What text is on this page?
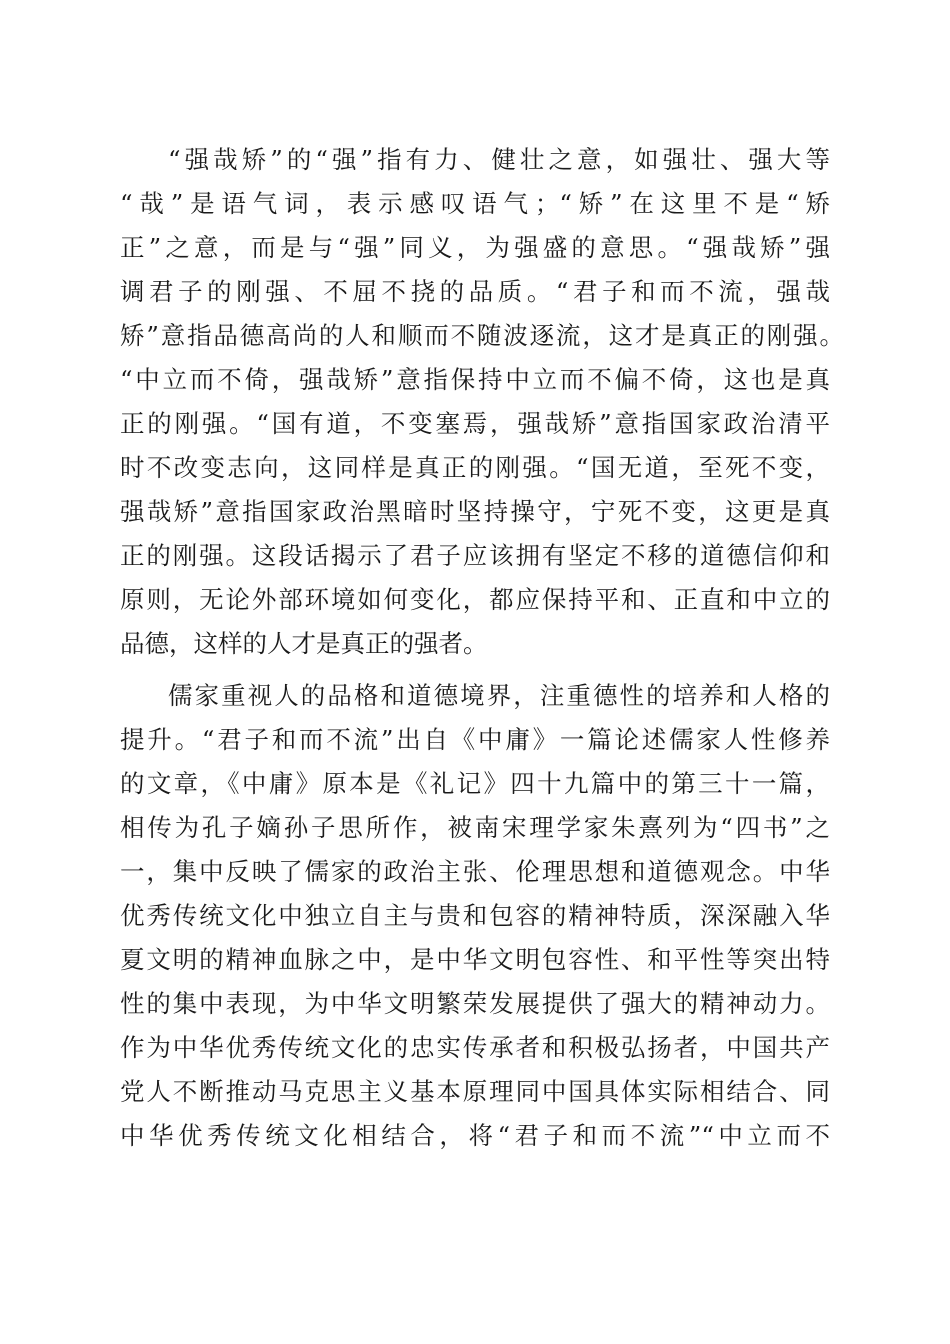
“强哉矫”的“强”指有力、健壮之意，如强壮、强大等
“哉”是语气词，表示感叹语气；“矫”在这里不是“矫
正”之意，而是与“强”同义，为强盛的意思。“强哉矫”强
调君子的刚强、不屈不挠的品质。“君子和而不流，强哉
矫”意指品德高尚的人和顺而不随波逐流，这才是真正的刚强。
“中立而不倚，强哉矫”意指保持中立而不偏不倚，这也是真
正的刚强。“国有道，不变塞焉，强哉矫”意指国家政治清平
时不改变志向，这同样是真正的刚强。“国无道，至死不变，
强哉矫”意指国家政治黑暗时坚持操守，宁死不变，这更是真
正的刚强。这段话揭示了君子应该拥有坚定不移的道德信仰和
原则，无论外部环境如何变化，都应保持平和、正直和中立的
品德，这样的人才是真正的强者。
儒家重视人的品格和道德境界，注重德性的培养和人格的
提升。“君子和而不流”出自《中庸》一篇论述儒家人性修养
的文章，《中庸》原本是《礼记》四十九篇中的第三十一篇，
相传为孔子嫡孙子思所作，被南宋理学家朱熹列为“四书”之
一，集中反映了儒家的政治主张、伦理思想和道德观念。中华
优秀传统文化中独立自主与贵和包容的精神特质，深深融入华
夏文明的精神血脉之中，是中华文明包容性、和平性等突出特
性的集中表现，为中华文明繁荣发展提供了强大的精神动力。
作为中华优秀传统文化的忠实传承者和积极弘扬者，中国共产
党人不断推动马克思主义基本原理同中国具体实际相结合、同
中华优秀传统文化相结合，将“君子和而不流”“中立而不
